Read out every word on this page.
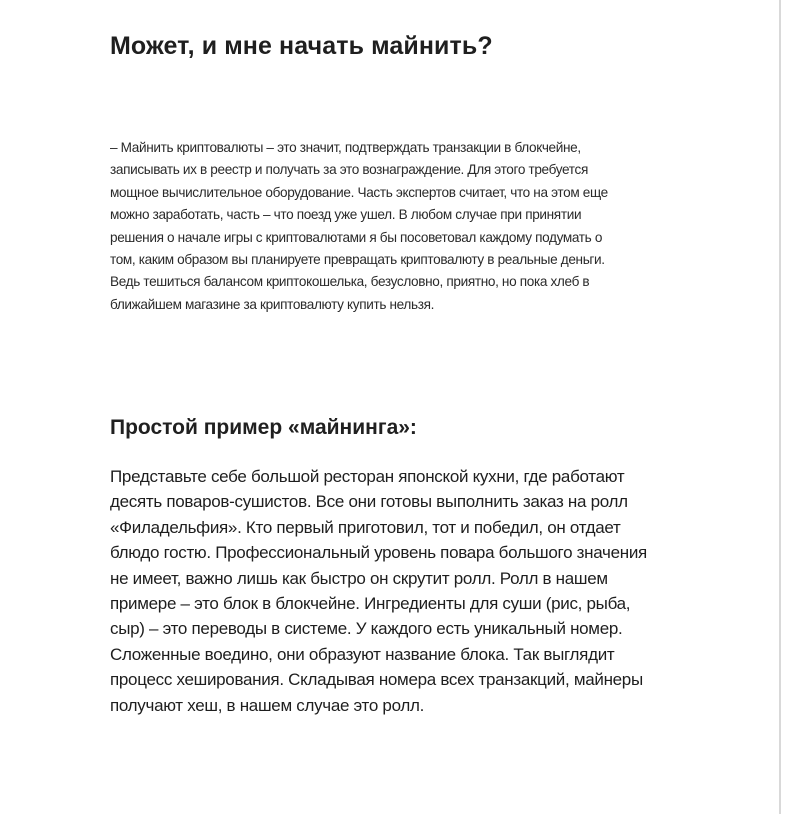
Может, и мне начать майнить?

– Майнить криптовалюты – это значит, подтверждать транзакции в блокчейне,
записывать их в реестр и получать за это вознаграждение. Для этого требуется
мощное вычислительное оборудование. Часть экспертов считает, что на этом еще
можно заработать, часть – что поезд уже ушел. В любом случае при принятии
решения о начале игры с криптовалютами я бы посоветовал каждому подумать о
том, каким образом вы планируете превращать криптовалюту в реальные деньги.
Ведь тешиться балансом криптокошелька, безусловно, приятно, но пока хлеб в
ближайшем магазине за криптовалюту купить нельзя.

Простой пример «майнинга»:

Представьте себе большой ресторан японской кухни, где работают
десять поваров-сушистов. Все они готовы выполнить заказ на ролл
«Филадельфия». Кто первый приготовил, тот и победил, он отдает
блюдо гостю. Профессиональный уровень повара большого значения
не имеет, важно лишь как быстро он скрутит ролл. Ролл в нашем
примере – это блок в блокчейне. Ингредиенты для суши (рис, рыба,
сыр) – это переводы в системе. У каждого есть уникальный номер.
Сложенные воедино, они образуют название блока. Так выглядит
процесс хеширования. Складывая номера всех транзакций, майнеры
получают хеш, в нашем случае это ролл.
